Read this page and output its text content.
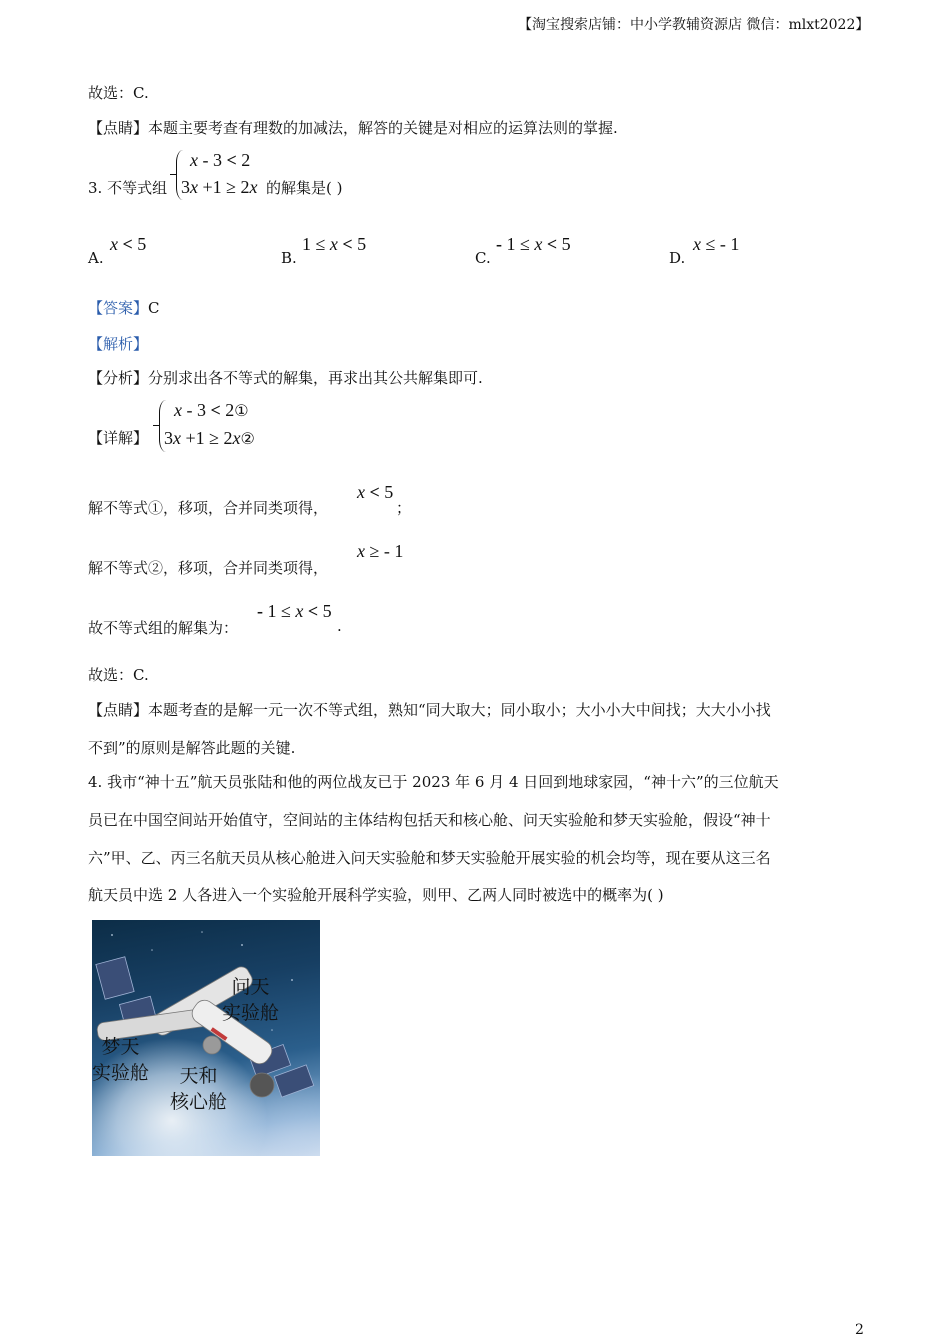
【淘宝搜索店铺：中小学教辅资源店 微信：mlxt2022】
故选：C.
【点睛】本题主要考查有理数的加减法，解答的关键是对相应的运算法则的掌握.
3. 不等式组
x - 3 < 2
3x +1 ≥ 2x 的解集是( )
A.
x < 5
B.
1 ≤ x < 5
C.
- 1 ≤ x < 5
D.
x ≤ - 1
【答案】C
【解析】
【分析】分别求出各不等式的解集，再求出其公共解集即可.
【详解】
x - 3 < 2①
3x +1 ≥ 2x②
解不等式①，移项，合并同类项得，
x < 5
；
解不等式②，移项，合并同类项得，
x ≥ - 1
故不等式组的解集为：
- 1 ≤ x < 5
.
故选：C.
【点睛】本题考查的是解一元一次不等式组，熟知“同大取大；同小取小；大小小大中间找；大大小小找
不到”的原则是解答此题的关键.
4. 我市“神十五”航天员张陆和他的两位战友已于 2023 年 6 月 4 日回到地球家园，“神十六”的三位航天
员已在中国空间站开始值守，空间站的主体结构包括天和核心舱、问天实验舱和梦天实验舱，假设“神十
六”甲、乙、丙三名航天员从核心舱进入问天实验舱和梦天实验舱开展实验的机会均等，现在要从这三名
航天员中选 2 人各进入一个实验舱开展科学实验，则甲、乙两人同时被选中的概率为( )
问天
实验舱
梦天
实验舱	天和
核心舱
2
